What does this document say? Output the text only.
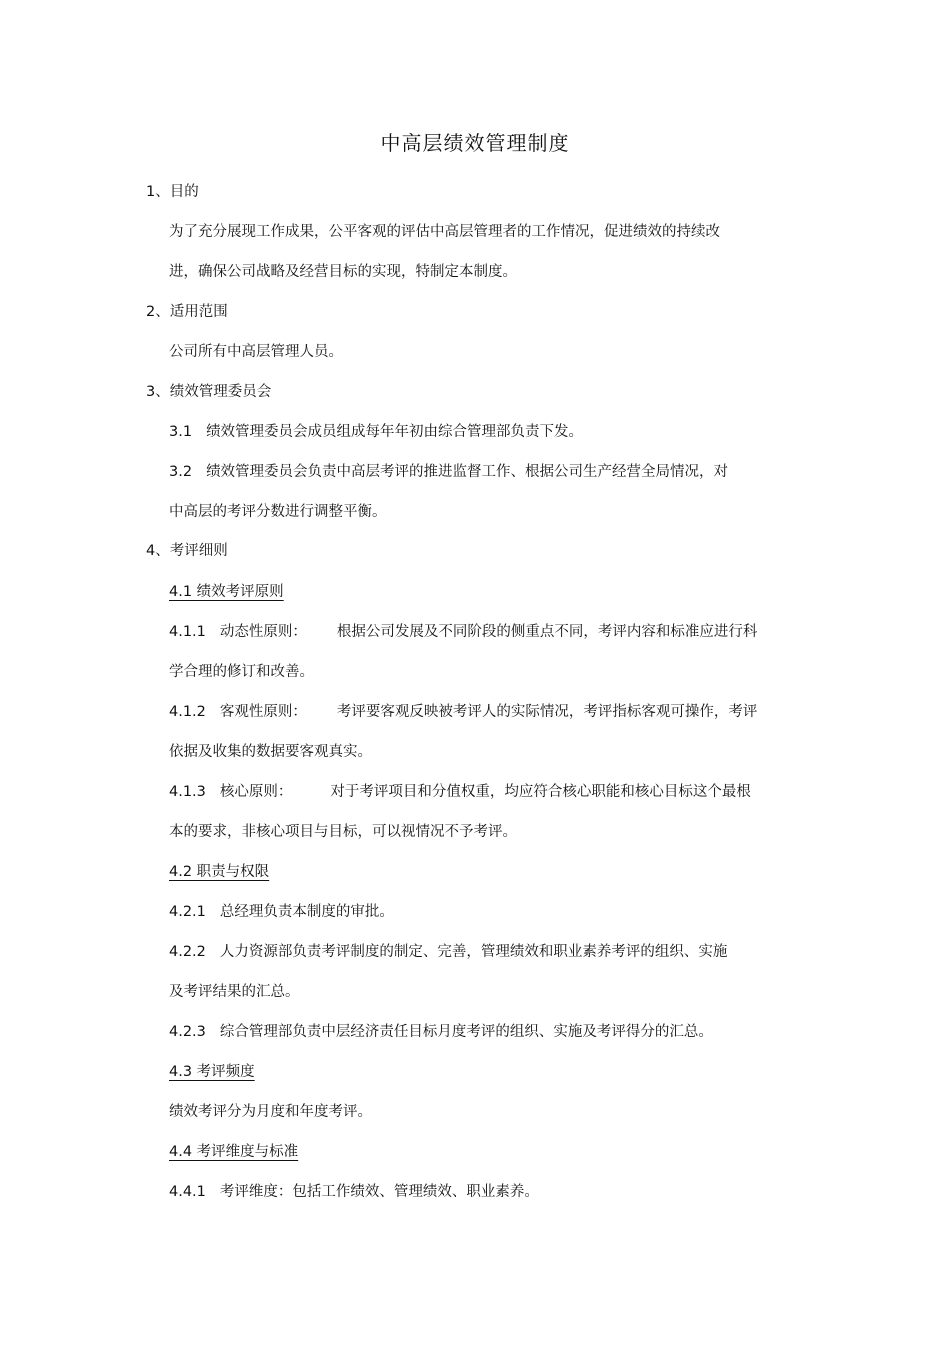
中高层绩效管理制度
1、目的
为了充分展现工作成果，公平客观的评估中高层管理者的工作情况，促进绩效的持续改
进，确保公司战略及经营目标的实现，特制定本制度。
2、适用范围
公司所有中高层管理人员。
3、绩效管理委员会
3.1 绩效管理委员会成员组成每年年初由综合管理部负责下发。
3.2 绩效管理委员会负责中高层考评的推进监督工作、根据公司生产经营全局情况，对
中高层的考评分数进行调整平衡。
4、考评细则
4.1 绩效考评原则
4.1.1 动态性原则： 根据公司发展及不同阶段的侧重点不同，考评内容和标准应进行科
学合理的修订和改善。
4.1.2 客观性原则： 考评要客观反映被考评人的实际情况，考评指标客观可操作，考评
依据及收集的数据要客观真实。
4.1.3 核心原则：	对于考评项目和分值权重，均应符合核心职能和核心目标这个最根
本的要求，非核心项目与目标，可以视情况不予考评。
4.2 职责与权限
4.2.1 总经理负责本制度的审批。
4.2.2 人力资源部负责考评制度的制定、完善，管理绩效和职业素养考评的组织、实施
及考评结果的汇总。
4.2.3 综合管理部负责中层经济责任目标月度考评的组织、实施及考评得分的汇总。
4.3 考评频度
绩效考评分为月度和年度考评。
4.4 考评维度与标准
4.4.1 考评维度：包括工作绩效、管理绩效、职业素养。
